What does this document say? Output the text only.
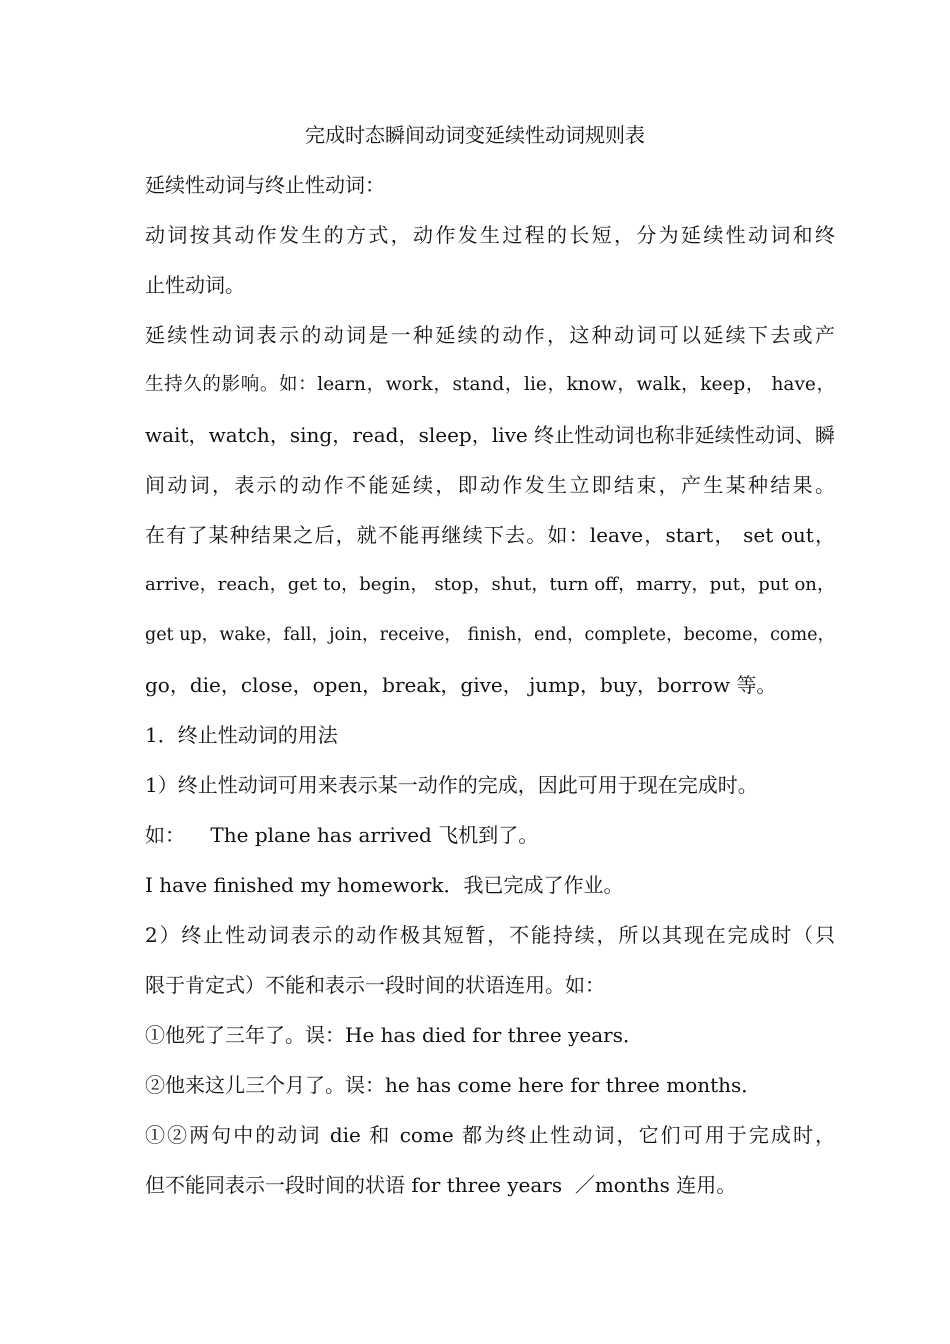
完成时态瞬间动词变延续性动词规则表
延续性动词与终止性动词：
动词按其动作发生的方式，动作发生过程的长短，分为延续性动词和终
止性动词。
延续性动词表示的动词是一种延续的动作，这种动词可以延续下去或产
生持久的影响。如：learn，work，stand，lie，know，walk，keep， have，
wait，watch，sing，read，sleep，live 终止性动词也称非延续性动词、瞬
间动词，表示的动作不能延续，即动作发生立即结束，产生某种结果。
在有了某种结果之后，就不能再继续下去。如：leave，start， set out，
arrive，reach，get to，begin， stop，shut，turn off，marry，put，put on，
get up，wake，fall，join，receive， finish，end，complete，become，come，
go，die，close，open，break，give， jump，buy，borrow 等。
1．终止性动词的用法
1）终止性动词可用来表示某一动作的完成，因此可用于现在完成时。
如：    The plane has arrived 飞机到了。
I have finished my homework．我已完成了作业。
2）终止性动词表示的动作极其短暂，不能持续，所以其现在完成时（只
限于肯定式）不能和表示一段时间的状语连用。如：
①他死了三年了。误：He has died for three years．
②他来这儿三个月了。误：he has come here for three months．
①②两句中的动词 die 和 come 都为终止性动词，它们可用于完成时，
但不能同表示一段时间的状语 for three years  ／months 连用。
